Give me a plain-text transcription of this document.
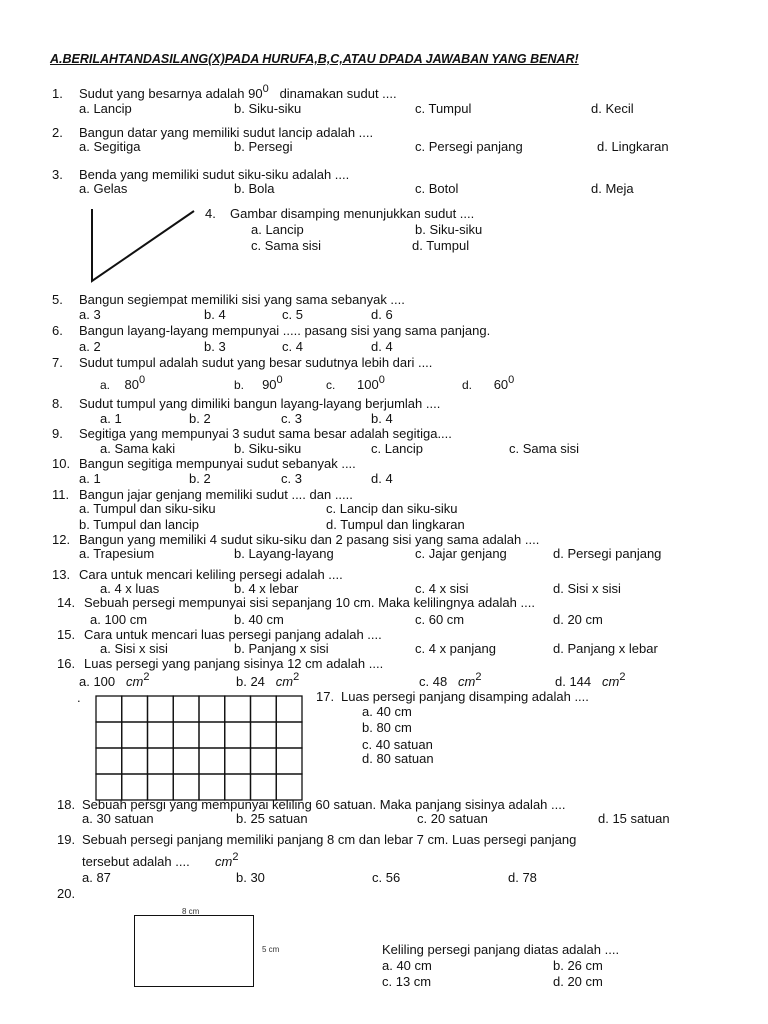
A.BERILAHTANDASILANG(X)PADA HURUFA,B,C,ATAU DPADA JAWABAN YANG BENAR!
1. Sudut yang besarnya adalah $90^0$ dinamakan sudut ....
a. Lancip	b. Siku-siku	c. Tumpul	d. Kecil
2. Bangun datar yang memiliki sudut lancip adalah ....
a. Segitiga	b. Persegi	c. Persegi panjang	d. Lingkaran
3. Benda yang memiliki sudut siku-siku adalah ....
a. Gelas	b. Bola	c. Botol	d. Meja
4. Gambar disamping menunjukkan sudut ....
a. Lancip	b. Siku-siku
c. Sama sisi	d. Tumpul
5. Bangun segiempat memiliki sisi yang sama sebanyak ....
a. 3	b. 4	c. 5	d. 6
6. Bangun layang-layang mempunyai ..... pasang sisi yang sama panjang.
a. 2	b. 3	c. 4	d. 4
7. Sudut tumpul adalah sudut yang besar sudutnya lebih dari ....
a. $80^0$	b. $90^0$	c. $100^0$	d. $60^0$
8. Sudut tumpul yang dimiliki bangun layang-layang berjumlah ....
a. 1	b. 2	c. 3	b. 4
9. Segitiga yang mempunyai 3 sudut sama besar adalah segitiga....
a. Sama kaki	b. Siku-siku	c. Lancip	c. Sama sisi
10. Bangun segitiga mempunyai sudut sebanyak ....
a. 1	b. 2	c. 3	d. 4
11. Bangun jajar genjang memiliki sudut .... dan .....
a. Tumpul dan siku-siku	c. Lancip dan siku-siku
b. Tumpul dan lancip	d. Tumpul dan lingkaran
12. Bangun yang memiliki 4 sudut siku-siku dan 2 pasang sisi yang sama adalah ....
a. Trapesium	b. Layang-layang	c. Jajar genjang	d. Persegi panjang
13. Cara untuk mencari keliling persegi adalah ....
a. 4 x luas	b. 4 x lebar	c. 4 x sisi	d. Sisi x sisi
14. Sebuah persegi mempunyai sisi sepanjang 10 cm. Maka kelilingnya adalah ....
a. 100 cm	b. 40 cm	c. 60 cm	d. 20 cm
15. Cara untuk mencari luas persegi panjang adalah ....
a. Sisi x sisi	b. Panjang x sisi	c. 4 x panjang	d. Panjang x lebar
16. Luas persegi yang panjang sisinya 12 cm adalah ....
a. 100 $cm^2$	b. 24 $cm^2$	c. 48 $cm^2$	d. 144 $cm^2$
.	17. Luas persegi panjang disamping adalah ....
a. 40 cm
b. 80 cm
c. 40 satuan
d. 80 satuan
18. Sebuah persgi yang mempunyai keliling 60 satuan. Maka panjang sisinya adalah ....
a. 30 satuan	b. 25 satuan	c. 20 satuan	d. 15 satuan
19. Sebuah persegi panjang memiliki panjang 8 cm dan lebar 7 cm. Luas persegi panjang
tersebut adalah .... $cm^2$
a. 87	b. 30	c. 56	d. 78
20.
8 cm
5 cm	Keliling persegi panjang diatas adalah ....
a. 40 cm	b. 26 cm
c. 13 cm	d. 20 cm
